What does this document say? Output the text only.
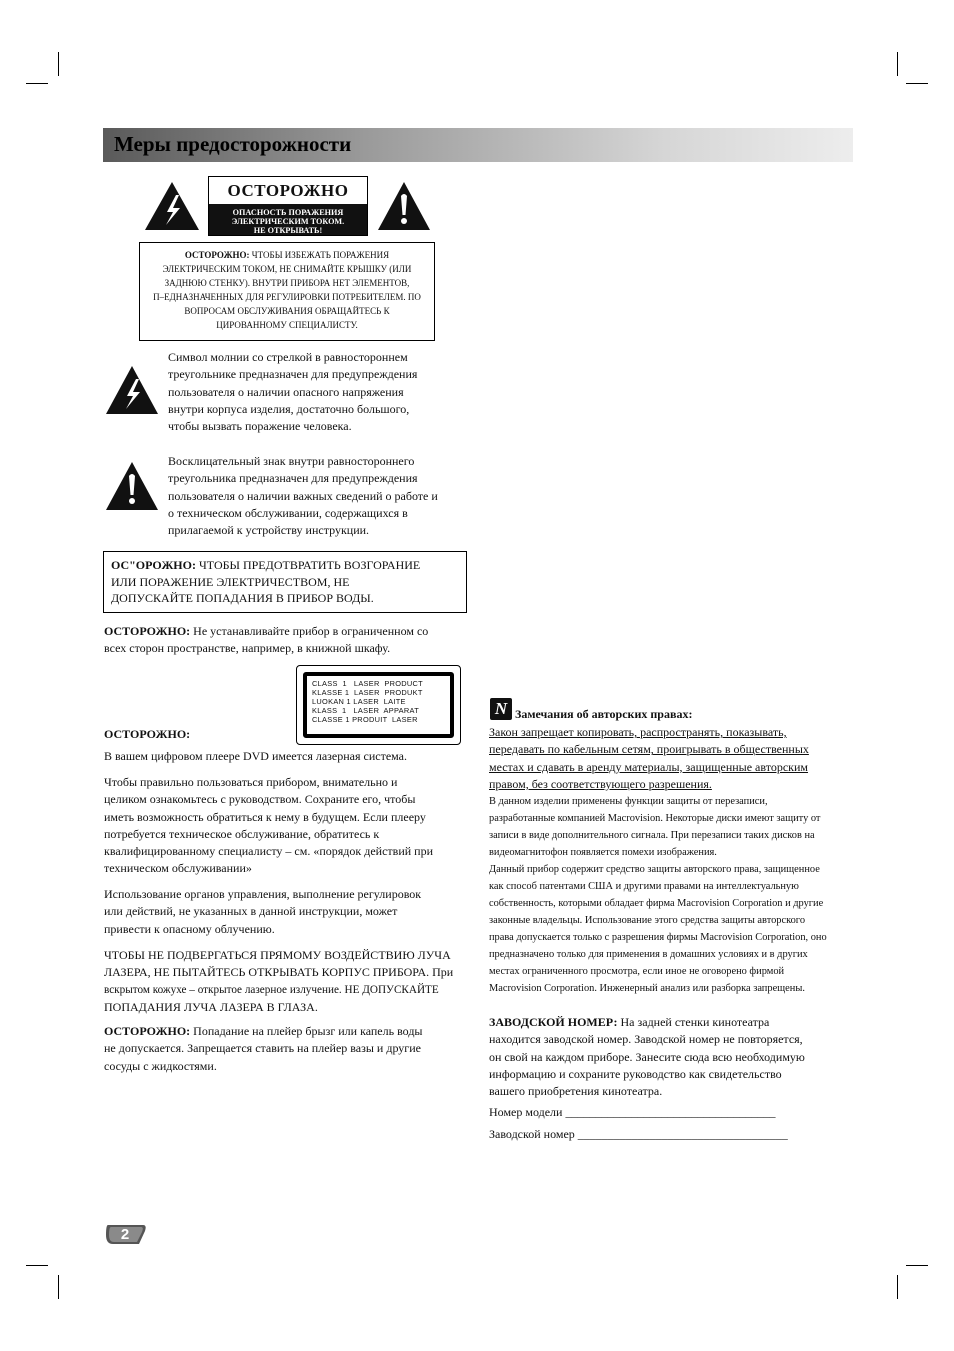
Меры предосторожности
ОСТОРОЖНО
ОПАСНОСТЬ ПОРАЖЕНИЯ
ЭЛЕКТРИЧЕСКИМ ТОКОМ.
НЕ ОТКРЫВАТЬ!
ОСТОРОЖНО: ЧТОБЫ ИЗБЕЖАТЬ ПОРАЖЕНИЯ
ЭЛЕКТРИЧЕСКИМ ТОКОМ, НЕ СНИМАЙТЕ КРЫШКУ (ИЛИ
ЗАДНЮЮ СТЕНКУ). ВНУТРИ ПРИБОРА НЕТ ЭЛЕМЕНТОВ,
П–ЕДНАЗНАЧЕННЫХ ДЛЯ РЕГУЛИРОВКИ ПОТРЕБИТЕЛЕМ. ПО
ВОПРОСАМ ОБСЛУЖИВАНИЯ ОБРАЩАЙТЕСЬ К
ЦИРОВАННОМУ СПЕЦИАЛИСТУ.
Символ молнии со стрелкой в равностороннем
треугольнике предназначен для предупреждения
пользователя о наличии опасного напряжения
внутри корпуса изделия, достаточно большого,
чтобы вызвать поражение человека.
Восклицательный знак внутри равностороннего
треугольника предназначен для предупреждения
пользователя о наличии важных сведений о работе и
о техническом обслуживании, содержащихся в
прилагаемой к устройству инструкции.
ОС"ОРОЖНО: ЧТОБЫ ПРЕДОТВРАТИТЬ ВОЗГОРАНИЕ
ИЛИ ПОРАЖЕНИЕ ЭЛЕКТРИЧЕСТВОМ, НЕ
ДОПУСКАЙТЕ ПОПАДАНИЯ В ПРИБОР ВОДЫ.
ОСТОРОЖНО: Не устанавливайте прибор в ограниченном со
всех сторон пространстве, например, в книжной шкафу.
CLASS  1   LASER  PRODUCT
KLASSE 1  LASER  PRODUKT
LUOKAN 1 LASER  LAITE
KLASS  1   LASER  APPARAT
CLASSE 1 PRODUIT  LASER
ОСТОРОЖНО:
В вашем цифровом плеере DVD имеется лазерная система.
Чтобы правильно пользоваться прибором, внимательно и
целиком ознакомьтесь с руководством. Сохраните его, чтобы
иметь возможность обратиться к нему в будущем. Если плееру
потребуется техническое обслуживание, обратитесь к
квалифицированному специалисту – см. «порядок действий при
техническом обслуживании»
Использование органов управления, выполнение регулировок
или действий, не указанных в данной инструкции, может
привести к опасному облучению.
ЧТОБЫ НЕ ПОДВЕРГАТЬСЯ ПРЯМОМУ ВОЗДЕЙСТВИЮ ЛУЧА
ЛАЗЕРА, НЕ ПЫТАЙТЕСЬ ОТКРЫВАТЬ КОРПУС ПРИБОРА. При
вскрытом кожухе – открытое лазерное излучение. НЕ ДОПУСКАЙТЕ
ПОПАДАНИЯ ЛУЧА ЛАЗЕРА В ГЛАЗА.
ОСТОРОЖНО: Попадание на плейер брызг или капель воды
не допускается. Запрещается ставить на плейер вазы и другие
сосуды с жидкостями.
N Замечания об авторских правах:
Закон запрещает копировать, распространять, показывать,
передавать по кабельным сетям, проигрывать в общественных
местах и сдавать в аренду материалы, защищенные авторским
правом, без соответствующего разрешения.
В данном изделии применены функции защиты от перезаписи,
разработанные компанией Macrovision. Некоторые диски имеют защиту от
записи в виде дополнительного сигнала. При перезаписи таких дисков на
видеомагнитофон появляется помехи изображения.
Данный прибор содержит средство защиты авторского права, защищенное
как способ патентами США и другими правами на интеллектуальную
собственность, которыми обладает фирма Macrovision Corporation и другие
законные владельцы. Использование этого средства защиты авторского
права допускается только с разрешения фирмы Macrovision Corporation, оно
предназначено только для применения в домашних условиях и в других
местах ограниченного просмотра, если иное не оговорено фирмой
Macrovision Corporation. Инженерный анализ или разборка запрещены.
ЗАВОДСКОЙ НОМЕР: На задней стенки кинотеатра
находится заводской номер. Заводской номер не повторяется,
он свой на каждом приборе. Занесите сюда всю необходимую
информацию и сохраните руководство как свидетельство
вашего приобретения кинотеатра.
Номер модели ___________________________________
Заводской номер ___________________________________
2
